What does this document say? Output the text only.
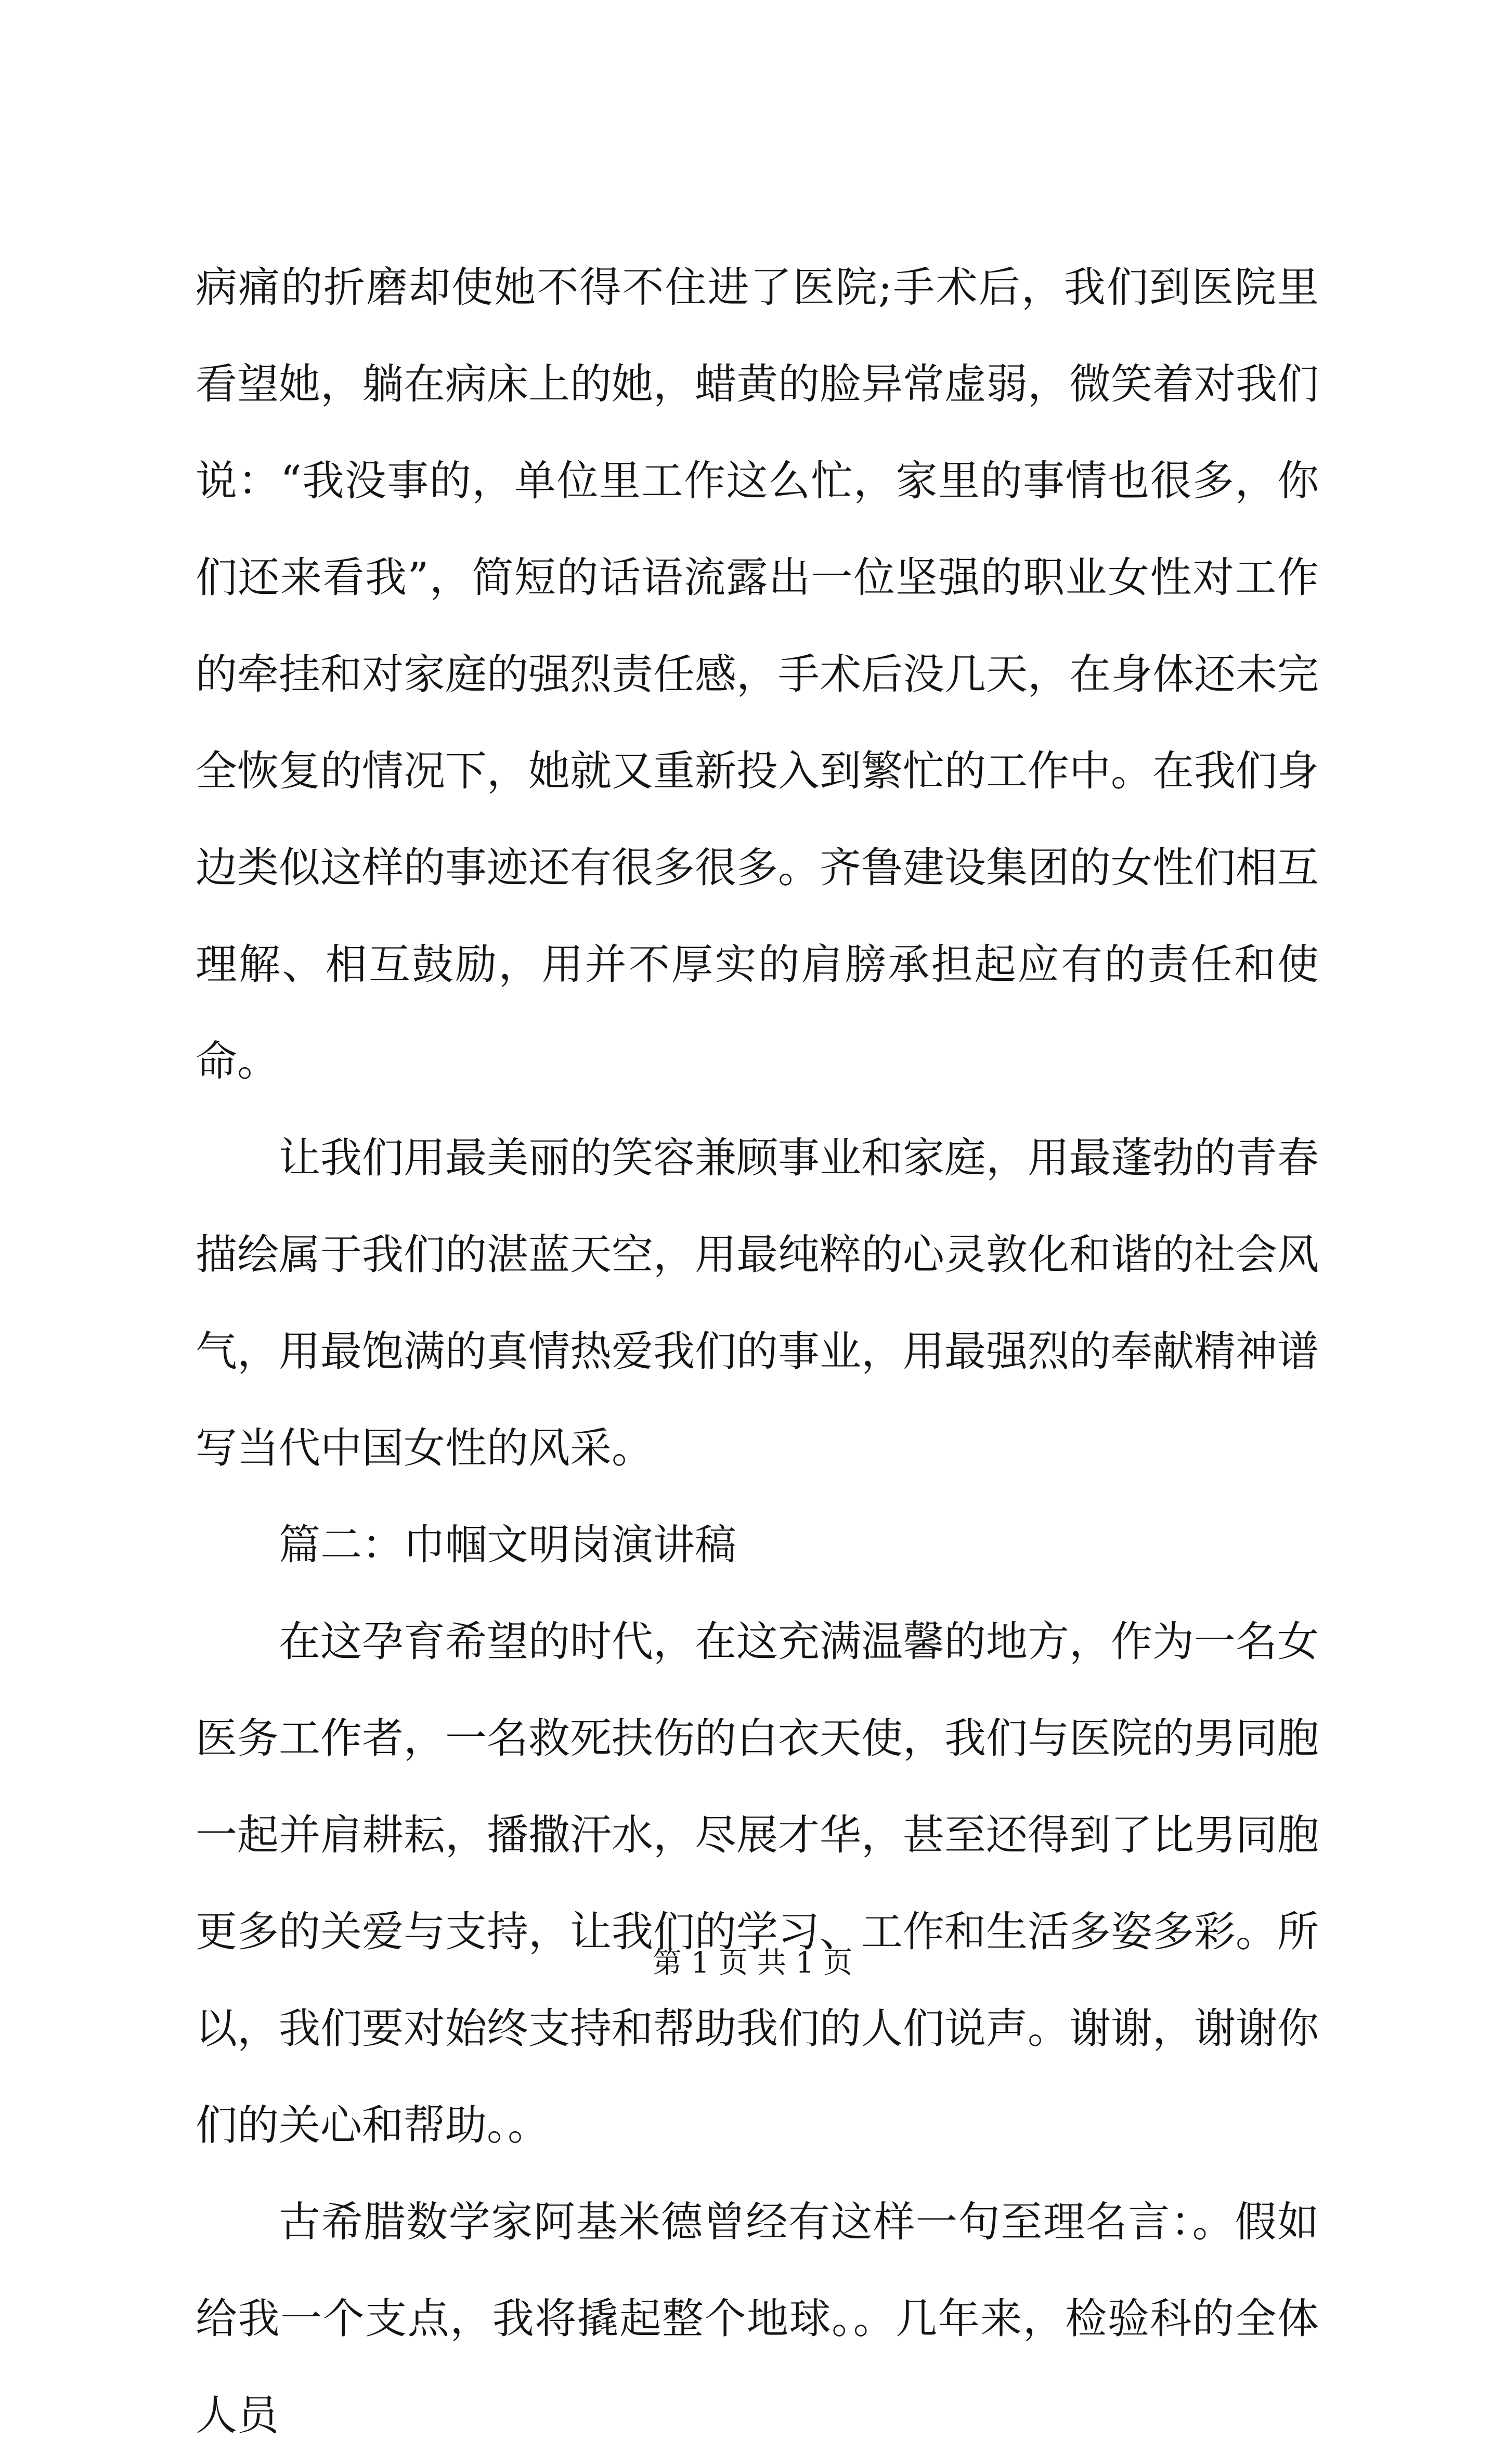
病痛的折磨却使她不得不住进了医院;手术后，我们到医院里看望她，躺在病床上的她，蜡黄的脸异常虚弱，微笑着对我们说：“我没事的，单位里工作这么忙，家里的事情也很多，你们还来看我”，简短的话语流露出一位坚强的职业女性对工作的牵挂和对家庭的强烈责任感，手术后没几天，在身体还未完全恢复的情况下，她就又重新投入到繁忙的工作中。在我们身边类似这样的事迹还有很多很多。齐鲁建设集团的女性们相互理解、相互鼓励，用并不厚实的肩膀承担起应有的责任和使命。

让我们用最美丽的笑容兼顾事业和家庭，用最蓬勃的青春描绘属于我们的湛蓝天空，用最纯粹的心灵敦化和谐的社会风气，用最饱满的真情热爱我们的事业，用最强烈的奉献精神谱写当代中国女性的风采。

篇二：巾帼文明岗演讲稿

在这孕育希望的时代，在这充满温馨的地方，作为一名女医务工作者，一名救死扶伤的白衣天使，我们与医院的男同胞一起并肩耕耘，播撒汗水，尽展才华，甚至还得到了比男同胞更多的关爱与支持，让我们的学习、工作和生活多姿多彩。所以，我们要对始终支持和帮助我们的人们说声。谢谢，谢谢你们的关心和帮助。。

古希腊数学家阿基米德曾经有这样一句至理名言：。假如给我一个支点，我将撬起整个地球。。几年来，检验科的全体人员

第 1 页 共 1 页
